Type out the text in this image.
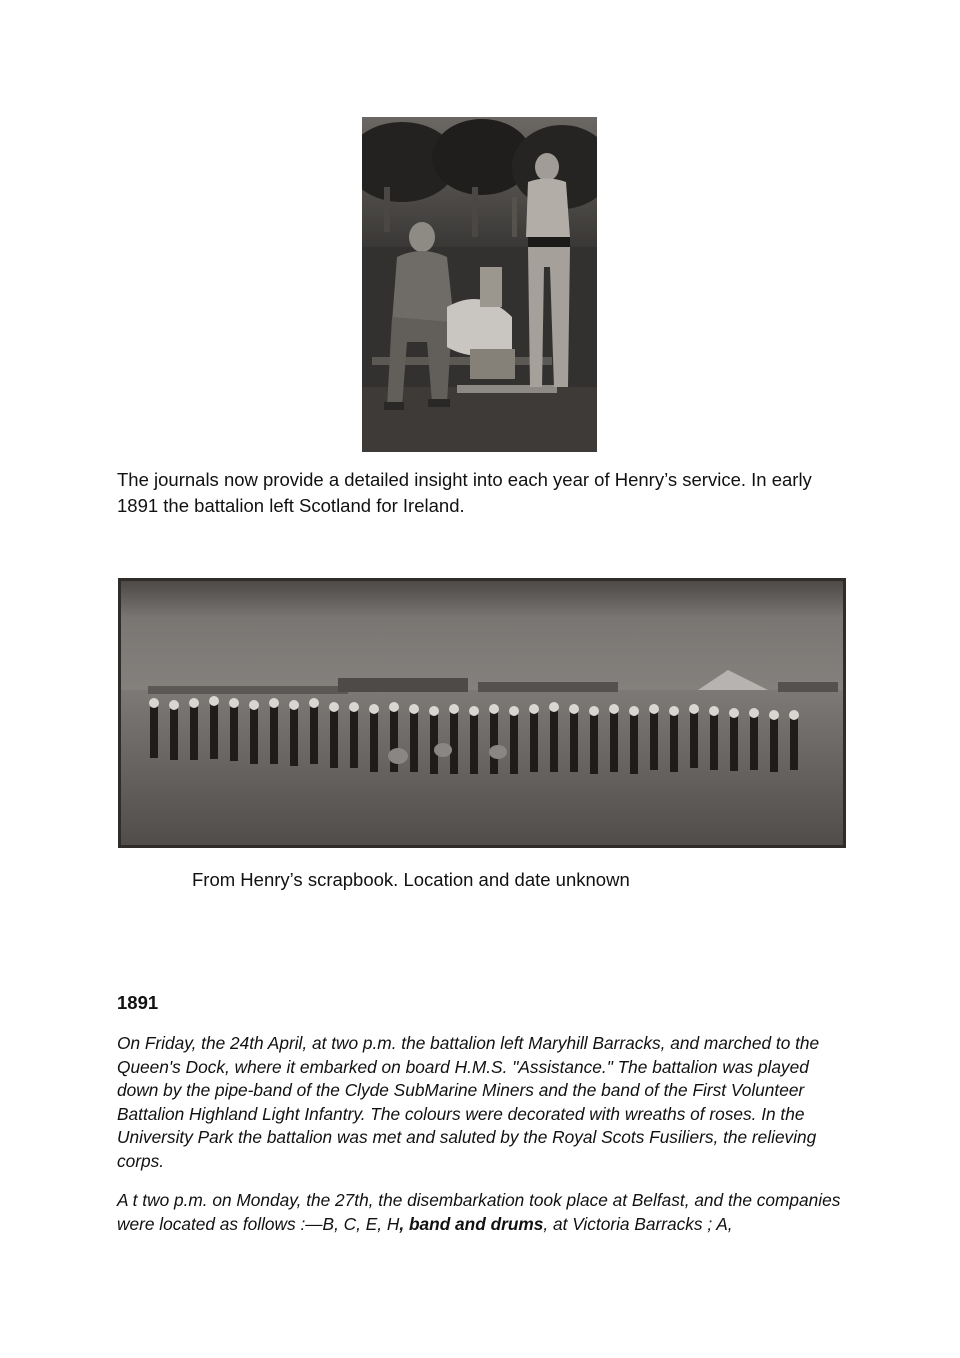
The journals now provide a detailed insight into each year of Henry’s service. In early 1891 the battalion left Scotland for Ireland.

From Henry’s scrapbook. Location and date unknown

1891

On Friday, the 24th April, at two p.m. the battalion left Maryhill Barracks, and marched to the Queen's Dock, where it embarked on board H.M.S. "Assistance." The battalion was played down by the pipe-band of the Clyde SubMarine Miners and the band of the First Volunteer Battalion Highland Light Infantry. The colours were decorated with wreaths of roses. In the University Park the battalion was met and saluted by the Royal Scots Fusiliers, the relieving corps.

A t two p.m. on Monday, the 27th, the disembarkation took place at Belfast, and the companies were located as follows :—B, C, E, H, band and drums, at Victoria Barracks ; A,
